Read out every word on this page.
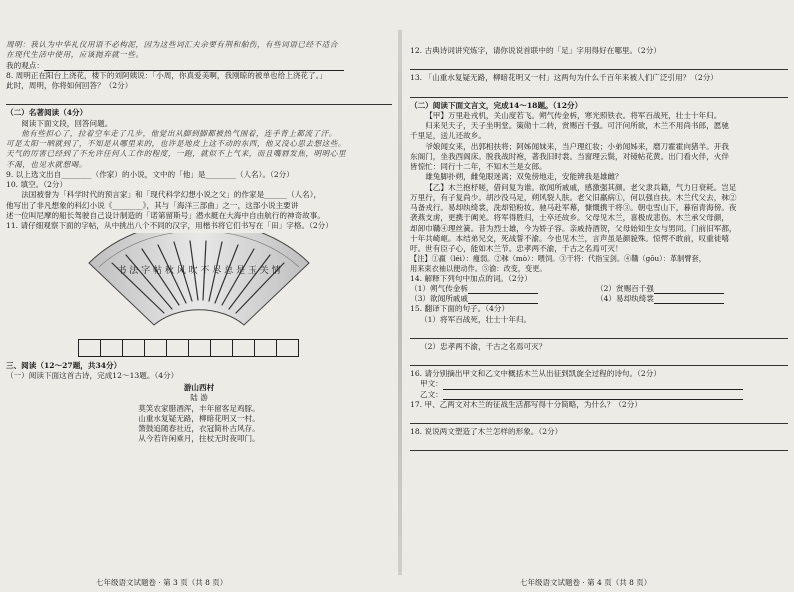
周明：我认为中华礼仪用语不必构泥，因为这些词汇夫余要有荆和舶伤，有些词语已经不适合

在现代生活中使用，应该抛弃就一些。

我的观点：

8. 周明正在阳台上浇花，楼下的刘阿姨说：「小周，你真爱美啊，我刚晾的被单也给上浇花了。」

此时，周明，你将如何回答？（2分）

（二）名著阅读（4分）

阅读下面文段，回答问题。

他有些担心了，拉着空车走了几步，他觉出从脚到脚都被热气围着，连手背上都流了汗。

可是太阳一晒就到了，不知是从哪里来的，也许是地皮上这不动的东西，他又没心思去想这些。

天气的厉害已经到了不允许任何人工作的程度，一跑，就似不上气来，而且嘴唇发焦，明明心里

不渴，也见水就想喝。

9. 以上选文出自________（作家）的小说，文中的「他」是________（人名）。（2分）

10. 填空。（2分）

法国被誉为「科学时代的预言家」和「现代科学幻想小说之父」的作家是______（人名），

他写出了非凡想象的科幻小说《________》，其与「海洋三部曲」之一，这部小说主要讲

述一位叫尼摩的船长驾驶自己设计制造的「诺第留斯号」潜水艇在大海中自由航行的神奇故事。

11. 请仔细观察下面的字帖，从中挑出八个不同的汉字，用楷书将它们书写在「田」字格。（2分）

书 法 字 帖 秋 风 吹 不 尽 总 是 玉 关 情

三、阅读（12～27题，共34分）

（一）阅读下面这首古诗，完成12～13题。（4分）

游山西村

陆 游

莫笑农家腊酒浑，丰年留客足鸡豚。

山重水复疑无路，柳暗花明又一村。

箫鼓追随春社近，衣冠简朴古风存。

从今若许闲乘月，拄杖无时夜叩门。

七年级语文试题卷 · 第 3 页（共 8 页）

12. 古典诗词讲究炼字，请你说说首联中的「足」字用得好在哪里。（2分）

13. 「山重水复疑无路，柳暗花明又一村」这两句为什么千百年来被人们广泛引用？（2分）

（二）阅读下面文言文，完成14～18题。（12分）

【甲】万里赴戎机，关山度若飞。朔气传金柝，寒光照铁衣。将军百战死，壮士十年归。

归来见天子，天子坐明堂。策勋十二转，赏赐百千强。可汗问所欲，木兰不用尚书郎，愿驰

千里足，送儿还故乡。

爷娘闻女来，出郭相扶将；阿姊闻妹来，当户理红妆；小弟闻姊来，磨刀霍霍向猪羊。开我

东阁门，坐我西阁床。脱我战时袍，著我旧时裳。当窗理云鬓，对镜帖花黄。出门看火伴，火伴

皆惊忙：同行十二年，不知木兰是女郎。

雄兔脚扑朔，雌兔眼迷离；双兔傍地走，安能辨我是雄雌？

【乙】木兰抱杼嗟，借问复为谁。欲闻所戚戚，感激强其颜。老父隶兵籍，气力日衰耗。岂足

万里行，有子复尚少。胡沙没马足，朔风裂人肤。老父旧羸病①，何以强自扶。木兰代父去，秣②

马备戎行。易却纨绮裳，洗却铅粉妆。驰马赴军幕，慷慨携干将③。朝屯雪山下，暮宿青海傍。夜

袭燕支虏，更携于阗羌。将军得胜归，士卒还故乡。父母见木兰，喜极成悲伤。木兰承父母颜，

却卸巾鞲④理丝簧。昔为烈士雄，今为娇子容。亲戚持酒贺，父母始知生女与男同。门前旧军都，

十年共崎岖。本结弟兄交，死战誓不渝。今也见木兰，言声虽是颜貌殊。惊愕不敢前，叹重徒嘻

吁。世有臣子心，能如木兰节。忠孝两不渝，千古之名焉可灭！

【注】①羸（léi）：瘦弱。②秣（mò）：喂饲。③干将：代指宝剑。④鞲（gōu）：革制臂套，

用来束衣袖以便动作。⑤渝：改变，变更。

14. 解释下列句中加点的词。（2分）

（1）朔气传金柝	（2）赏赐百千强
（3）欲闻所戚戚	（4）易却纨绮裳

15. 翻译下面的句子。（4分）

（1）将军百战死，壮士十年归。

（2）忠孝两不渝，千古之名焉可灭？

16. 请分别摘出甲文和乙文中概括木兰从出征到凯旋全过程的诗句。（2分）

甲文：

乙文：

17. 甲、乙两文对木兰的征战生活都写得十分简略，为什么？（2分）

18. 说说两文塑造了木兰怎样的形象。（2分）

七年级语文试题卷 · 第 4 页（共 8 页）
